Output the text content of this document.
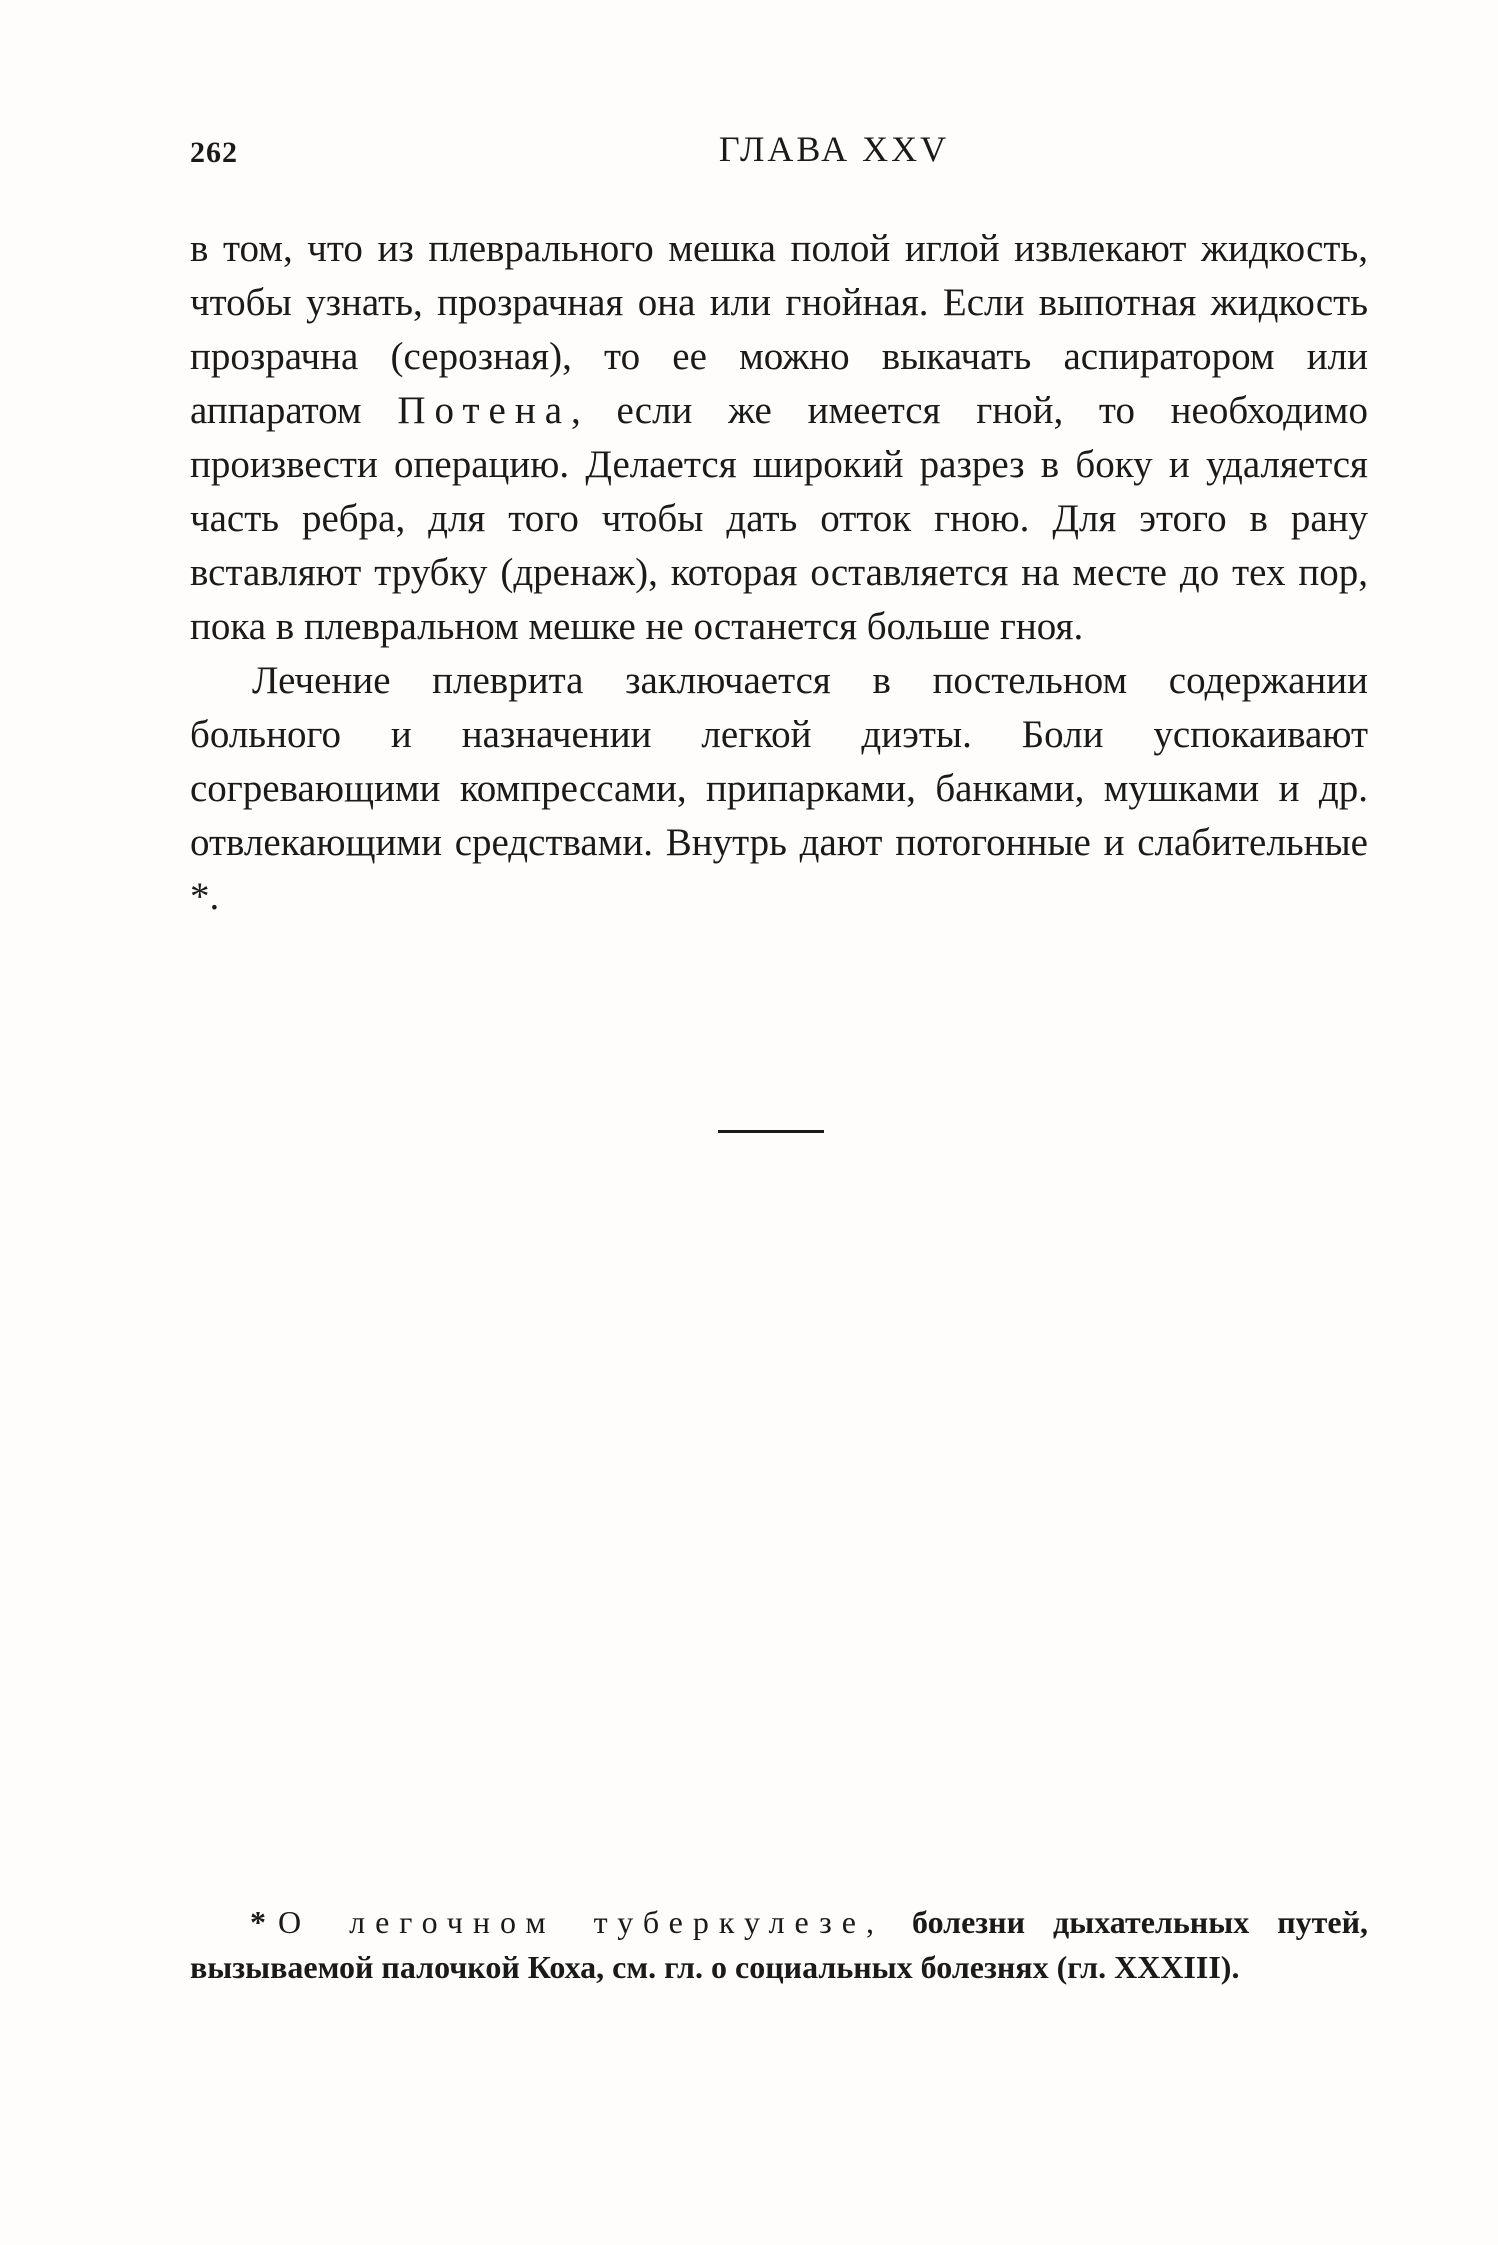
262	ГЛАВА XXV

в том, что из плеврального мешка полой иглой извлекают жидкость, чтобы узнать, прозрачная она или гнойная. Если выпотная жидкость прозрачна (серозная), то ее можно выкачать аспиратором или аппаратом Потена, если же имеется гной, то необходимо произвести операцию. Делается широкий разрез в боку и удаляется часть ребра, для того чтобы дать отток гною. Для этого в рану вставляют трубку (дренаж), которая оставляется на месте до тех пор, пока в плевральном мешке не останется больше гноя.

Лечение плеврита заключается в постельном содержании больного и назначении легкой диэты. Боли успокаивают согревающими компрессами, припарками, банками, мушками и др. отвлекающими средствами. Внутрь дают потогонные и слабительные *.

* О легочном туберкулезе, болезни дыхательных путей, вызываемой палочкой Коха, см. гл. о социальных болезнях (гл. XXXIII).
